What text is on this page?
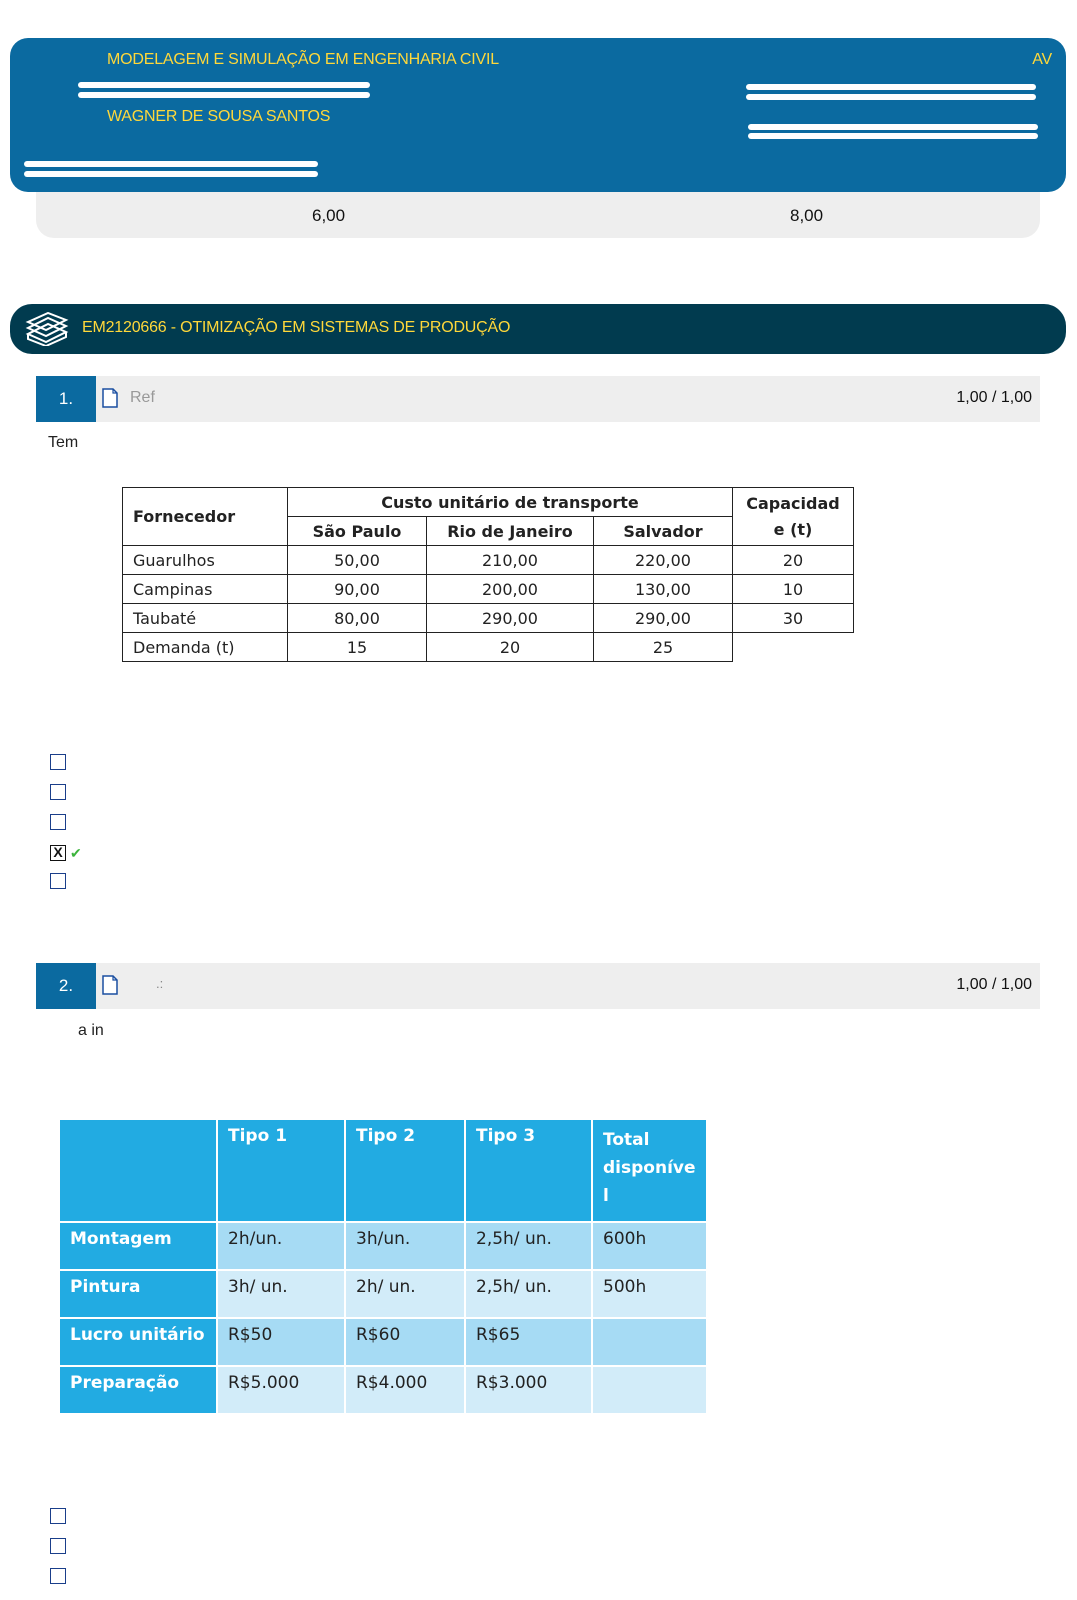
MODELAGEM E SIMULAÇÃO EM ENGENHARIA CIVIL	AV
WAGNER DE SOUSA SANTOS
6,00	8,00
EM2120666 - OTIMIZAÇÃO EM SISTEMAS DE PRODUÇÃO
1.	Ref	1,00 / 1,00
Tem
Fornecedor	Custo unitário de transporte			Capacidad e (t)
	São Paulo	Rio de Janeiro	Salvador	
Guarulhos	50,00	210,00	220,00	20
Campinas	90,00	200,00	130,00	10
Taubaté	80,00	290,00	290,00	30
Demanda (t)	15	20	25	
X ✔
2.	.:	1,00 / 1,00
a in
	Tipo 1	Tipo 2	Tipo 3	Total disponíve l
Montagem	2h/un.	3h/un.	2,5h/ un.	600h
Pintura	3h/ un.	2h/ un.	2,5h/ un.	500h
Lucro unitário	R$50	R$60	R$65	
Preparação	R$5.000	R$4.000	R$3.000	
